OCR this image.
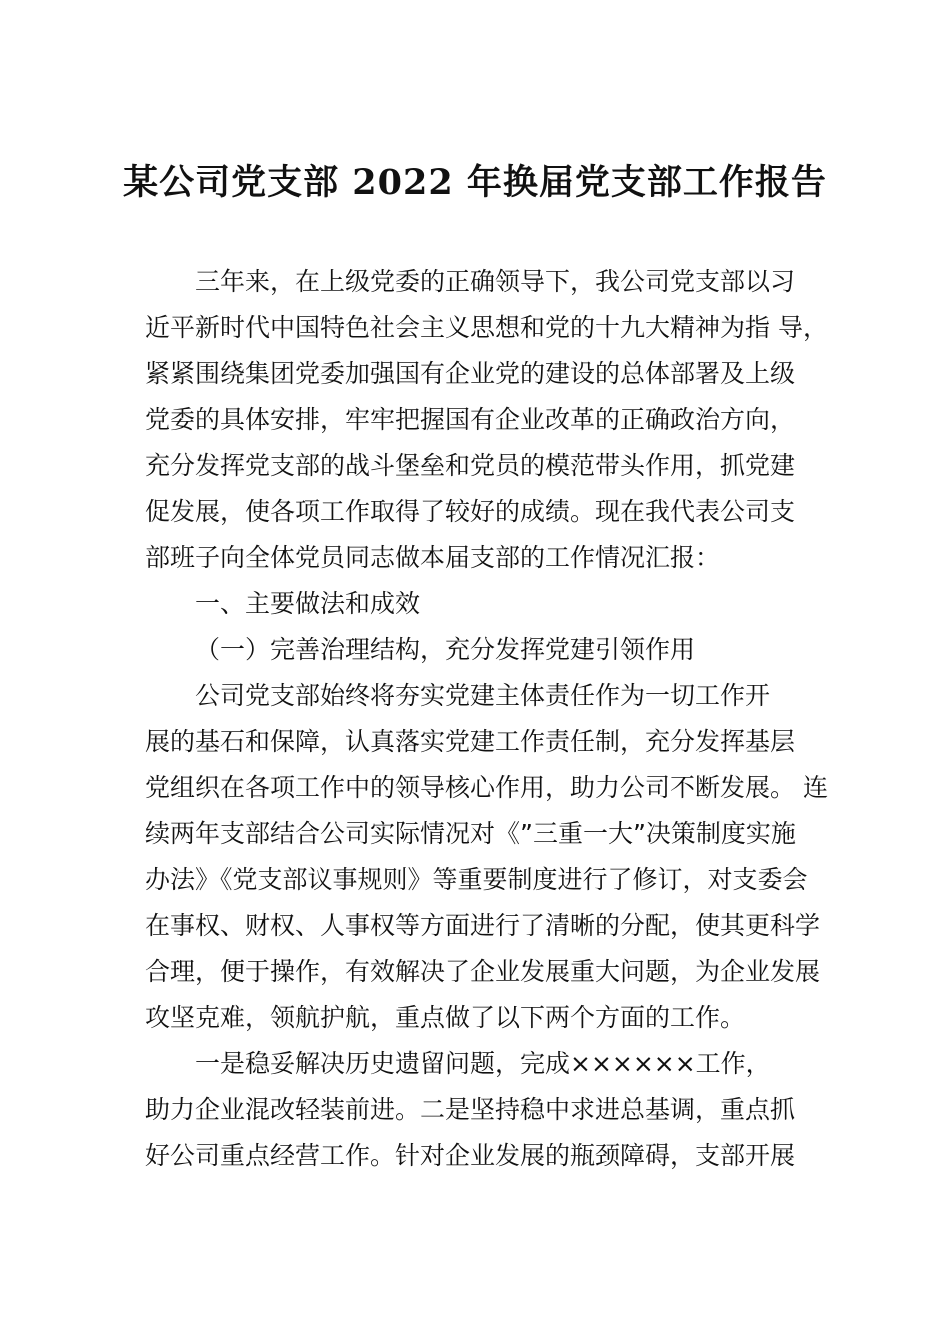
某公司党支部 2022 年换届党支部工作报告
三年来，在上级党委的正确领导下，我公司党支部以习
近平新时代中国特色社会主义思想和党的十九大精神为指 导，
紧紧围绕集团党委加强国有企业党的建设的总体部署及上级
党委的具体安排，牢牢把握国有企业改革的正确政治方向，
充分发挥党支部的战斗堡垒和党员的模范带头作用，抓党建
促发展，使各项工作取得了较好的成绩。现在我代表公司支
部班子向全体党员同志做本届支部的工作情况汇报：
一、主要做法和成效
（一）完善治理结构，充分发挥党建引领作用
公司党支部始终将夯实党建主体责任作为一切工作开
展的基石和保障，认真落实党建工作责任制，充分发挥基层
党组织在各项工作中的领导核心作用，助力公司不断发展。 连
续两年支部结合公司实际情况对《”三重一大”决策制度实施
办法》《党支部议事规则》等重要制度进行了修订，对支委会
在事权、财权、人事权等方面进行了清晰的分配，使其更科学
合理，便于操作，有效解决了企业发展重大问题，为企业发展
攻坚克难，领航护航，重点做了以下两个方面的工作。
一是稳妥解决历史遗留问题，完成××××××工作，
助力企业混改轻装前进。二是坚持稳中求进总基调，重点抓
好公司重点经营工作。针对企业发展的瓶颈障碍，支部开展
